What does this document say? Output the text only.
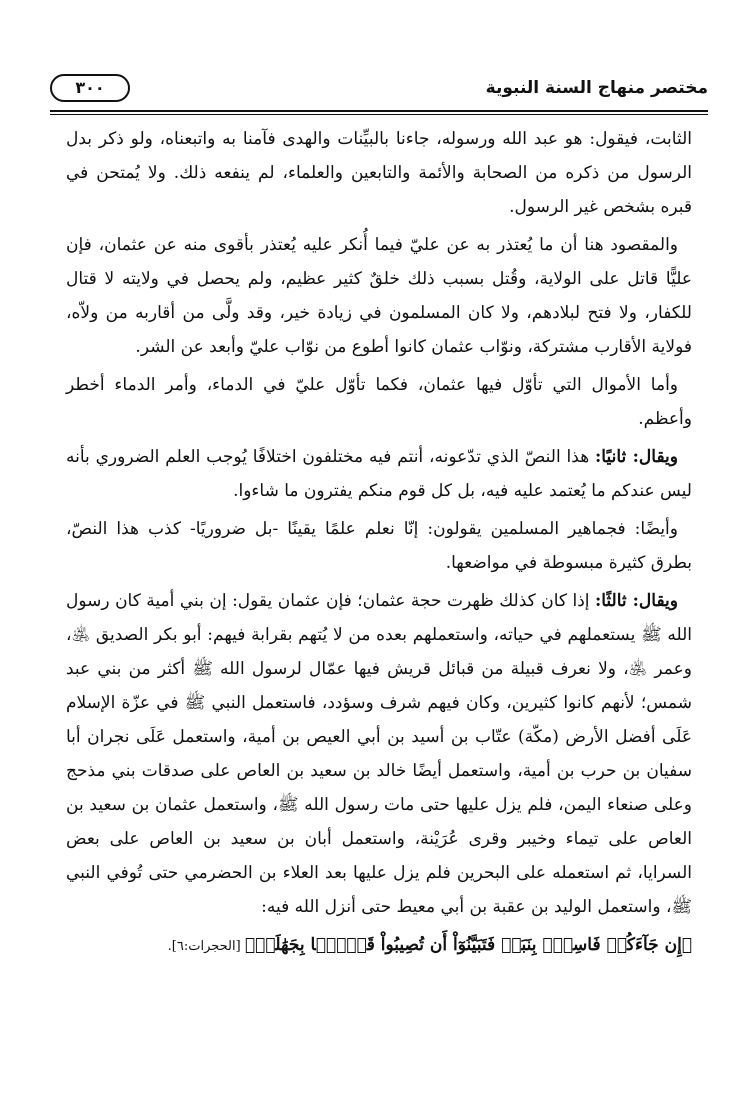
٣٠٠	مختصر منهاج السنة النبوية

الثابت، فيقول: هو عبد الله ورسوله، جاءنا بالبيِّنات والهدى فآمنا به واتبعناه، ولو ذكر بدل الرسول من ذكره من الصحابة والأئمة والتابعين والعلماء، لم ينفعه ذلك. ولا يُمتحن في قبره بشخص غير الرسول.

والمقصود هنا أن ما يُعتذر به عن عليّ فيما أُنكر عليه يُعتذر بأقوى منه عن عثمان، فإن عليًّا قاتل على الولاية، وقُتل بسبب ذلك خلقٌ كثير عظيم، ولم يحصل في ولايته لا قتال للكفار، ولا فتح لبلادهم، ولا كان المسلمون في زيادة خير، وقد ولَّى من أقاربه من ولاّه، فولاية الأقارب مشتركة، ونوّاب عثمان كانوا أطوع من نوّاب عليّ وأبعد عن الشر.

وأما الأموال التي تأوّل فيها عثمان، فكما تأوّل عليّ في الدماء، وأمر الدماء أخطر وأعظم.

ويقال: ثانيًا: هذا النصّ الذي تدّعونه، أنتم فيه مختلفون اختلافًا يُوجب العلم الضروري بأنه ليس عندكم ما يُعتمد عليه فيه، بل كل قوم منكم يفترون ما شاءوا.

وأيضًا: فجماهير المسلمين يقولون: إنّا نعلم علمًا يقينًا -بل ضروريًا- كذب هذا النصّ، بطرق كثيرة مبسوطة في مواضعها.

ويقال: ثالثًا: إذا كان كذلك ظهرت حجة عثمان؛ فإن عثمان يقول: إن بني أمية كان رسول الله ﷺ يستعملهم في حياته، واستعملهم بعده من لا يُتهم بقرابة فيهم: أبو بكر الصديق ﵁، وعمر ﵁، ولا نعرف قبيلة من قبائل قريش فيها عمّال لرسول الله ﷺ أكثر من بني عبد شمس؛ لأنهم كانوا كثيرين، وكان فيهم شرف وسؤدد، فاستعمل النبي ﷺ في عزّة الإسلام عَلَى أفضل الأرض (مكّة) عتّاب بن أسيد بن أبي العيص بن أمية، واستعمل عَلَى نجران أبا سفيان بن حرب بن أمية، واستعمل أيضًا خالد بن سعيد بن العاص على صدقات بني مذحج وعلى صنعاء اليمن، فلم يزل عليها حتى مات رسول الله ﷺ، واستعمل عثمان بن سعيد بن العاص على تيماء وخيبر وقرى عُرَيْنة، واستعمل أبان بن سعيد بن العاص على بعض السرايا، ثم استعمله على البحرين فلم يزل عليها بعد العلاء بن الحضرمي حتى تُوفي النبي ﷺ، واستعمل الوليد بن عقبة بن أبي معيط حتى أنزل الله فيه:

﴿إِن جَآءَكُمۡ فَاسِقُۢ بِنَبَإٖ فَتَبَيَّنُوٓاْ أَن تُصِيبُواْ قَوۡمَۢا بِجَهَٰلَةٖ﴾ [الحجرات:٦].
